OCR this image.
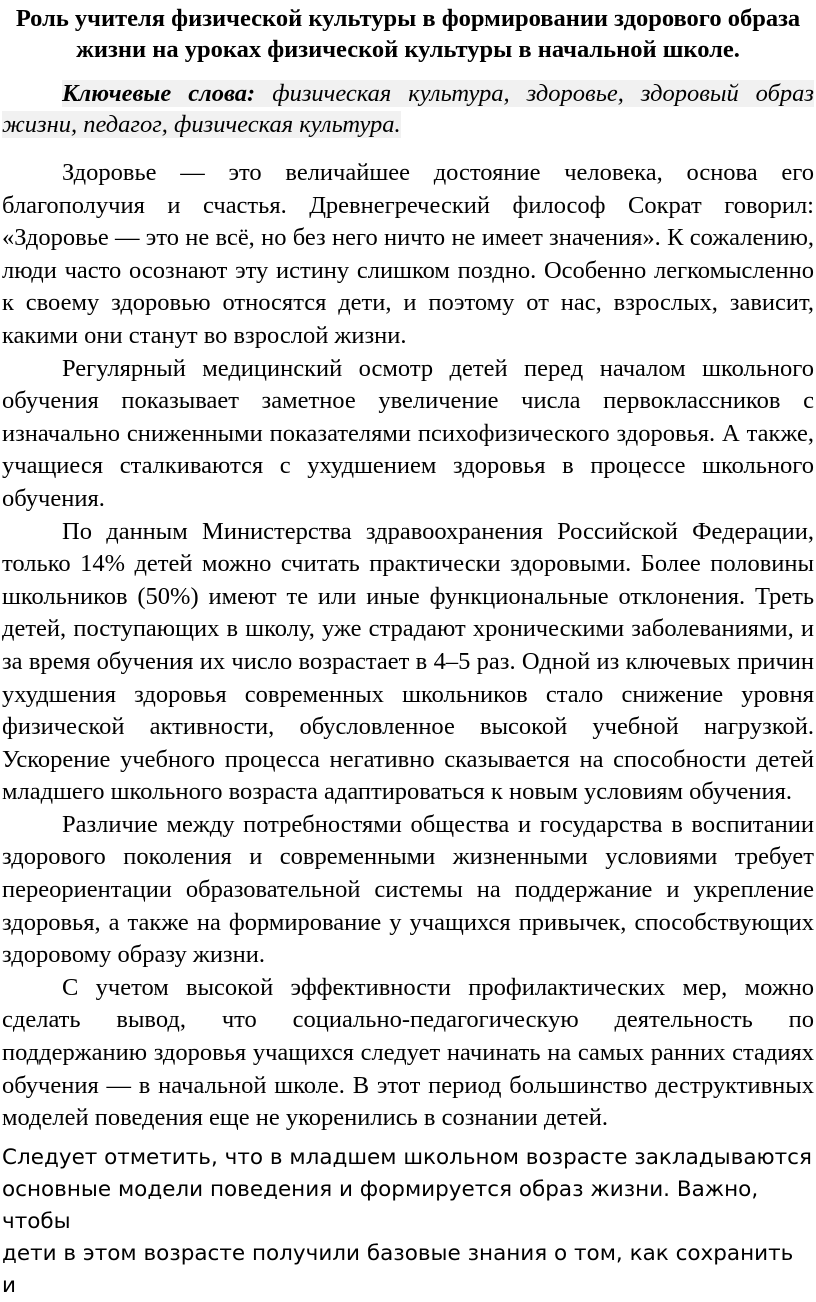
Роль учителя физической культуры в формировании здорового образа жизни на уроках физической культуры в начальной школе.

Ключевые слова: физическая культура, здоровье, здоровый образ жизни, педагог, физическая культура.

Здоровье — это величайшее достояние человека, основа его благополучия и счастья. Древнегреческий философ Сократ говорил: «Здоровье — это не всё, но без него ничто не имеет значения». К сожалению, люди часто осознают эту истину слишком поздно. Особенно легкомысленно к своему здоровью относятся дети, и поэтому от нас, взрослых, зависит, какими они станут во взрослой жизни.

Регулярный медицинский осмотр детей перед началом школьного обучения показывает заметное увеличение числа первоклассников с изначально сниженными показателями психофизического здоровья. А также, учащиеся сталкиваются с ухудшением здоровья в процессе школьного обучения.

По данным Министерства здравоохранения Российской Федерации, только 14% детей можно считать практически здоровыми. Более половины школьников (50%) имеют те или иные функциональные отклонения. Треть детей, поступающих в школу, уже страдают хроническими заболеваниями, и за время обучения их число возрастает в 4–5 раз. Одной из ключевых причин ухудшения здоровья современных школьников стало снижение уровня физической активности, обусловленное высокой учебной нагрузкой. Ускорение учебного процесса негативно сказывается на способности детей младшего школьного возраста адаптироваться к новым условиям обучения.

Различие между потребностями общества и государства в воспитании здорового поколения и современными жизненными условиями требует переориентации образовательной системы на поддержание и укрепление здоровья, а также на формирование у учащихся привычек, способствующих здоровому образу жизни.

С учетом высокой эффективности профилактических мер, можно сделать вывод, что социально-педагогическую деятельность по поддержанию здоровья учащихся следует начинать на самых ранних стадиях обучения — в начальной школе. В этот период большинство деструктивных моделей поведения еще не укоренились в сознании детей.

Следует отметить, что в младшем школьном возрасте закладываются
основные модели поведения и формируется образ жизни. Важно, чтобы
дети в этом возрасте получили базовые знания о том, как сохранить и
